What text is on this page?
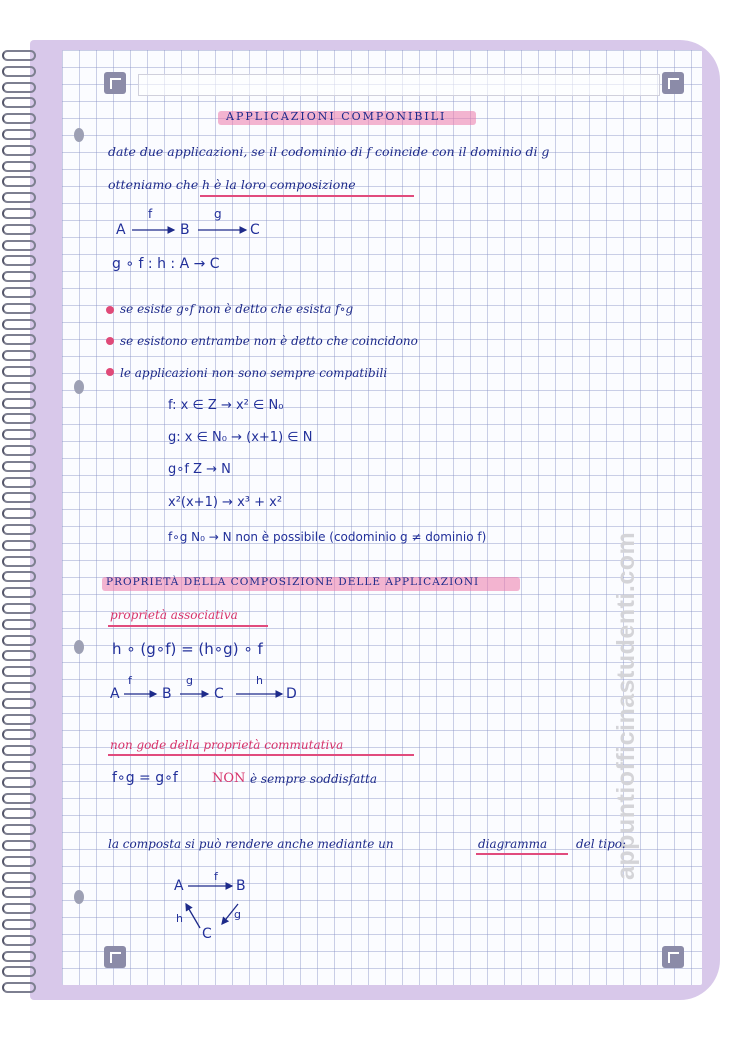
appuntiofficinastudenti.com
APPLICAZIONI COMPONIBILI
date due applicazioni, se il codominio di f coincide con il dominio di g
otteniamo che h è la loro composizione
A
f
B
g
C
g ∘ f : h : A → C
se esiste g∘f non è detto che esista f∘g
se esistono entrambe non è detto che coincidono
le applicazioni non sono sempre compatibili
f: x ∈ Z → x² ∈ N₀
g: x ∈ N₀ → (x+1) ∈ N
g∘f Z → N
x²(x+1) → x³ + x²
f∘g N₀ → N non è possibile (codominio g ≠ dominio f)
PROPRIETÀ DELLA COMPOSIZIONE DELLE APPLICAZIONI
proprietà associativa
h ∘ (g∘f) = (h∘g) ∘ f
A
f
B
g
C
h
D
non gode della proprietà commutativa
f∘g = g∘f	NON è sempre soddisfatta
la composta si può rendere anche mediante un	diagramma del tipo:
A
f
B
h	g
C
